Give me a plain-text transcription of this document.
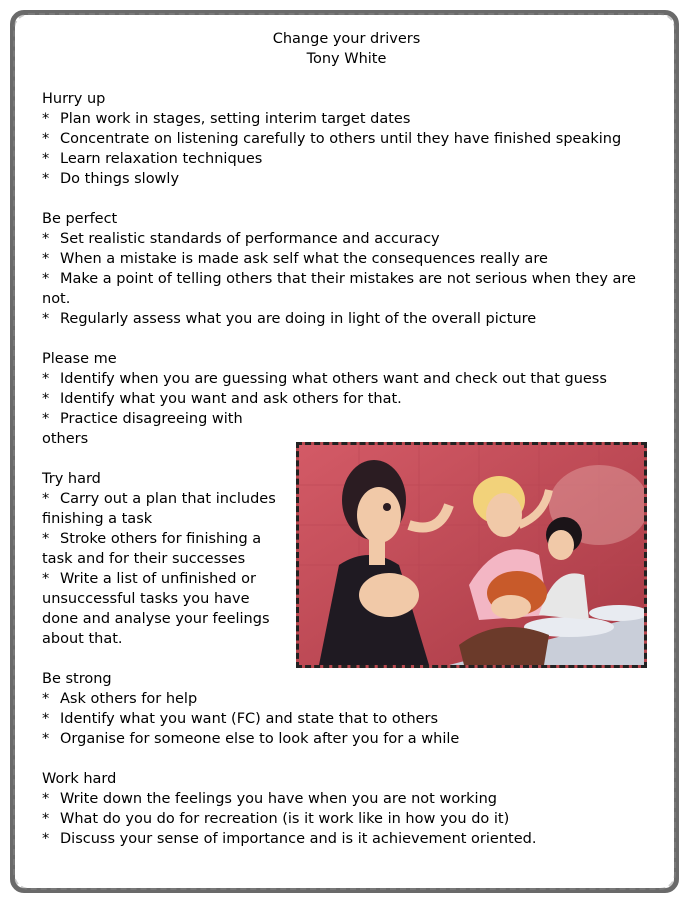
Change your drivers
Tony White
Hurry up
* Plan work in stages, setting interim target dates
* Concentrate on listening carefully to others until they have finished speaking
* Learn relaxation techniques
* Do things slowly
Be perfect
* Set realistic standards of performance and accuracy
* When a mistake is made ask self what the consequences really are
* Make a point of telling others that their mistakes are not serious when they are
not.
* Regularly assess what you are doing in light of the overall picture
Please me
* Identify when you are guessing what others want and check out that guess
* Identify what you want and ask others for that.
* Practice disagreeing with
others
Try hard
* Carry out a plan that includes finishing a task
* Stroke others for finishing a task and for their successes
* Write a list of unfinished or unsuccessful tasks you have done and analyse your feelings about that.
Be strong
* Ask others for help
* Identify what you want (FC) and state that to others
* Organise for someone else to look after you for a while
Work hard
* Write down the feelings you have when you are not working
* What do you do for recreation (is it work like in how you do it)
* Discuss your sense of importance and is it achievement oriented.
